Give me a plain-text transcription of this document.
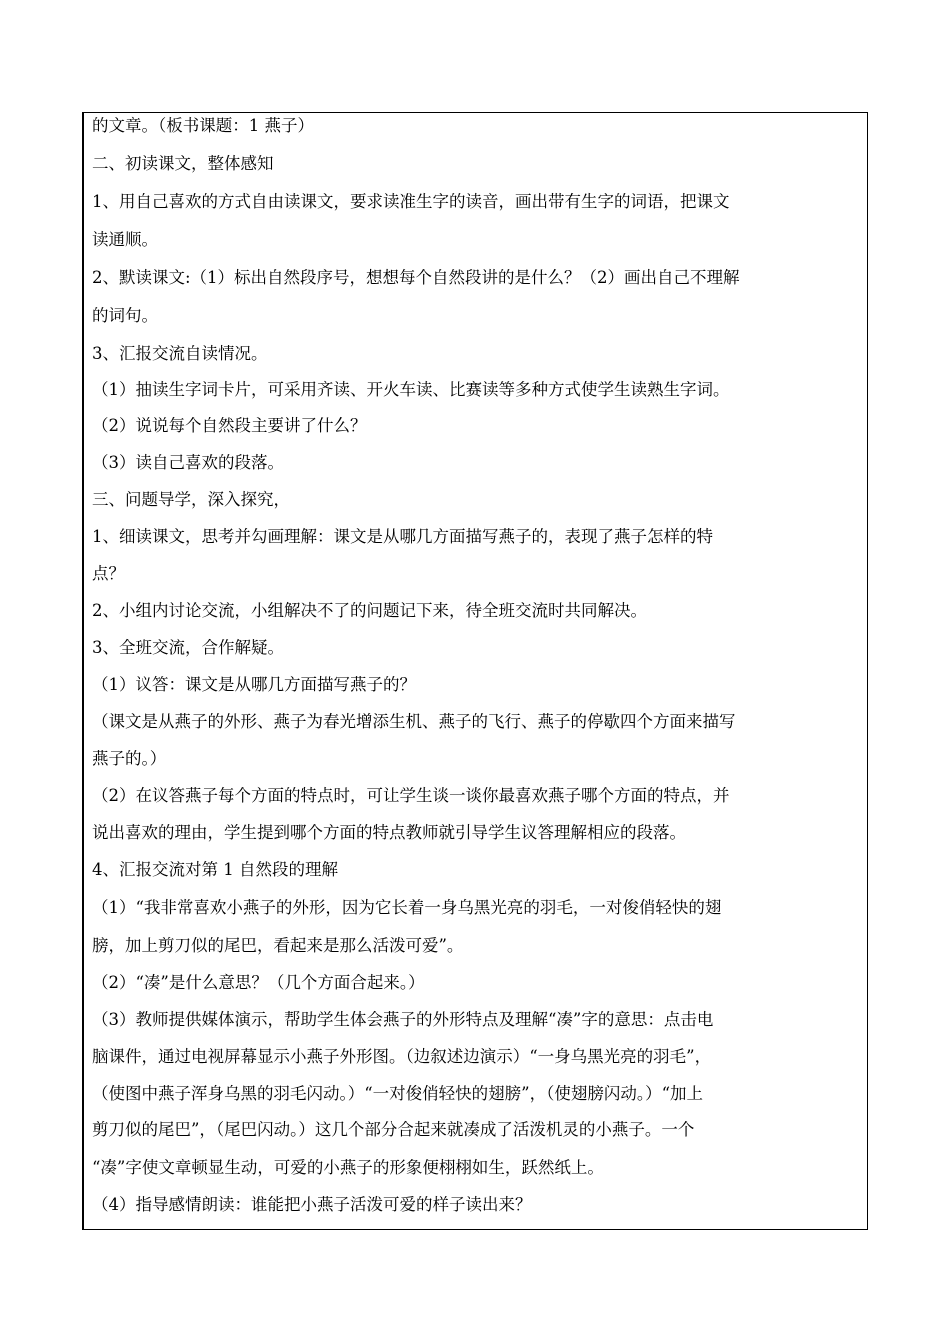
的文章。（板书课题：1 燕子）
二、初读课文，整体感知
1、用自己喜欢的方式自由读课文，要求读准生字的读音，画出带有生字的词语，把课文
读通顺。
2、默读课文:（1）标出自然段序号，想想每个自然段讲的是什么？（2）画出自己不理解
的词句。
3、汇报交流自读情况。
（1）抽读生字词卡片，可采用齐读、开火车读、比赛读等多种方式使学生读熟生字词。
（2）说说每个自然段主要讲了什么？
（3）读自己喜欢的段落。
三、问题导学，深入探究，
1、细读课文，思考并勾画理解：课文是从哪几方面描写燕子的，表现了燕子怎样的特
点？
2、小组内讨论交流，小组解决不了的问题记下来，待全班交流时共同解决。
3、全班交流，合作解疑。
（1）议答：课文是从哪几方面描写燕子的？
（课文是从燕子的外形、燕子为春光增添生机、燕子的飞行、燕子的停歇四个方面来描写
燕子的。）
（2）在议答燕子每个方面的特点时，可让学生谈一谈你最喜欢燕子哪个方面的特点，并
说出喜欢的理由，学生提到哪个方面的特点教师就引导学生议答理解相应的段落。
4、汇报交流对第 1 自然段的理解
（1）“我非常喜欢小燕子的外形，因为它长着一身乌黑光亮的羽毛，一对俊俏轻快的翅
膀，加上剪刀似的尾巴，看起来是那么活泼可爱”。
（2）“凑”是什么意思？（几个方面合起来。）
（3）教师提供媒体演示，帮助学生体会燕子的外形特点及理解“凑”字的意思：点击电
脑课件，通过电视屏幕显示小燕子外形图。（边叙述边演示）“一身乌黑光亮的羽毛”，
（使图中燕子浑身乌黑的羽毛闪动。）“一对俊俏轻快的翅膀”，（使翅膀闪动。）“加上
剪刀似的尾巴”，（尾巴闪动。）这几个部分合起来就凑成了活泼机灵的小燕子。一个
“凑”字使文章顿显生动，可爱的小燕子的形象便栩栩如生，跃然纸上。
（4）指导感情朗读：谁能把小燕子活泼可爱的样子读出来？
